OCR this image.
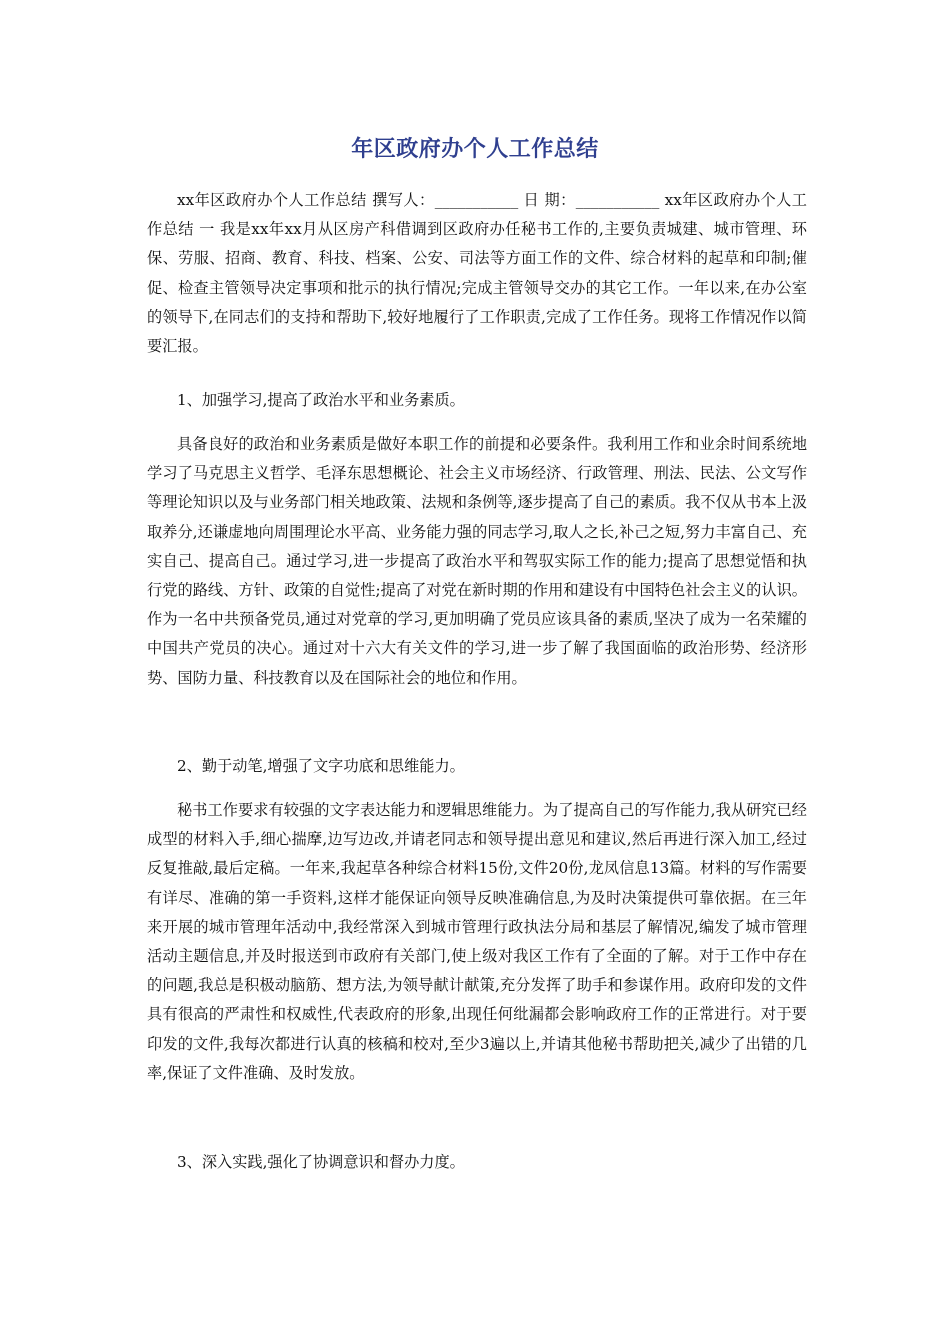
年区政府办个人工作总结

xx年区政府办个人工作总结 撰写人：___________ 日 期：___________ xx年区政府办个人工作总结 一 我是xx年xx月从区房产科借调到区政府办任秘书工作的,主要负责城建、城市管理、环保、劳服、招商、教育、科技、档案、公安、司法等方面工作的文件、综合材料的起草和印制;催促、检查主管领导决定事项和批示的执行情况;完成主管领导交办的其它工作。一年以来,在办公室的领导下,在同志们的支持和帮助下,较好地履行了工作职责,完成了工作任务。现将工作情况作以简要汇报。

1、加强学习,提高了政治水平和业务素质。

具备良好的政治和业务素质是做好本职工作的前提和必要条件。我利用工作和业余时间系统地学习了马克思主义哲学、毛泽东思想概论、社会主义市场经济、行政管理、刑法、民法、公文写作等理论知识以及与业务部门相关地政策、法规和条例等,逐步提高了自己的素质。我不仅从书本上汲取养分,还谦虚地向周围理论水平高、业务能力强的同志学习,取人之长,补己之短,努力丰富自己、充实自己、提高自己。通过学习,进一步提高了政治水平和驾驭实际工作的能力;提高了思想觉悟和执行党的路线、方针、政策的自觉性;提高了对党在新时期的作用和建设有中国特色社会主义的认识。作为一名中共预备党员,通过对党章的学习,更加明确了党员应该具备的素质,坚决了成为一名荣耀的中国共产党员的决心。通过对十六大有关文件的学习,进一步了解了我国面临的政治形势、经济形势、国防力量、科技教育以及在国际社会的地位和作用。

2、勤于动笔,增强了文字功底和思维能力。

秘书工作要求有较强的文字表达能力和逻辑思维能力。为了提高自己的写作能力,我从研究已经成型的材料入手,细心揣摩,边写边改,并请老同志和领导提出意见和建议,然后再进行深入加工,经过反复推敲,最后定稿。一年来,我起草各种综合材料15份,文件20份,龙凤信息13篇。材料的写作需要有详尽、准确的第一手资料,这样才能保证向领导反映准确信息,为及时决策提供可靠依据。在三年来开展的城市管理年活动中,我经常深入到城市管理行政执法分局和基层了解情况,编发了城市管理活动主题信息,并及时报送到市政府有关部门,使上级对我区工作有了全面的了解。对于工作中存在的问题,我总是积极动脑筋、想方法,为领导献计献策,充分发挥了助手和参谋作用。政府印发的文件具有很高的严肃性和权威性,代表政府的形象,出现任何纰漏都会影响政府工作的正常进行。对于要印发的文件,我每次都进行认真的核稿和校对,至少3遍以上,并请其他秘书帮助把关,减少了出错的几率,保证了文件准确、及时发放。

3、深入实践,强化了协调意识和督办力度。
